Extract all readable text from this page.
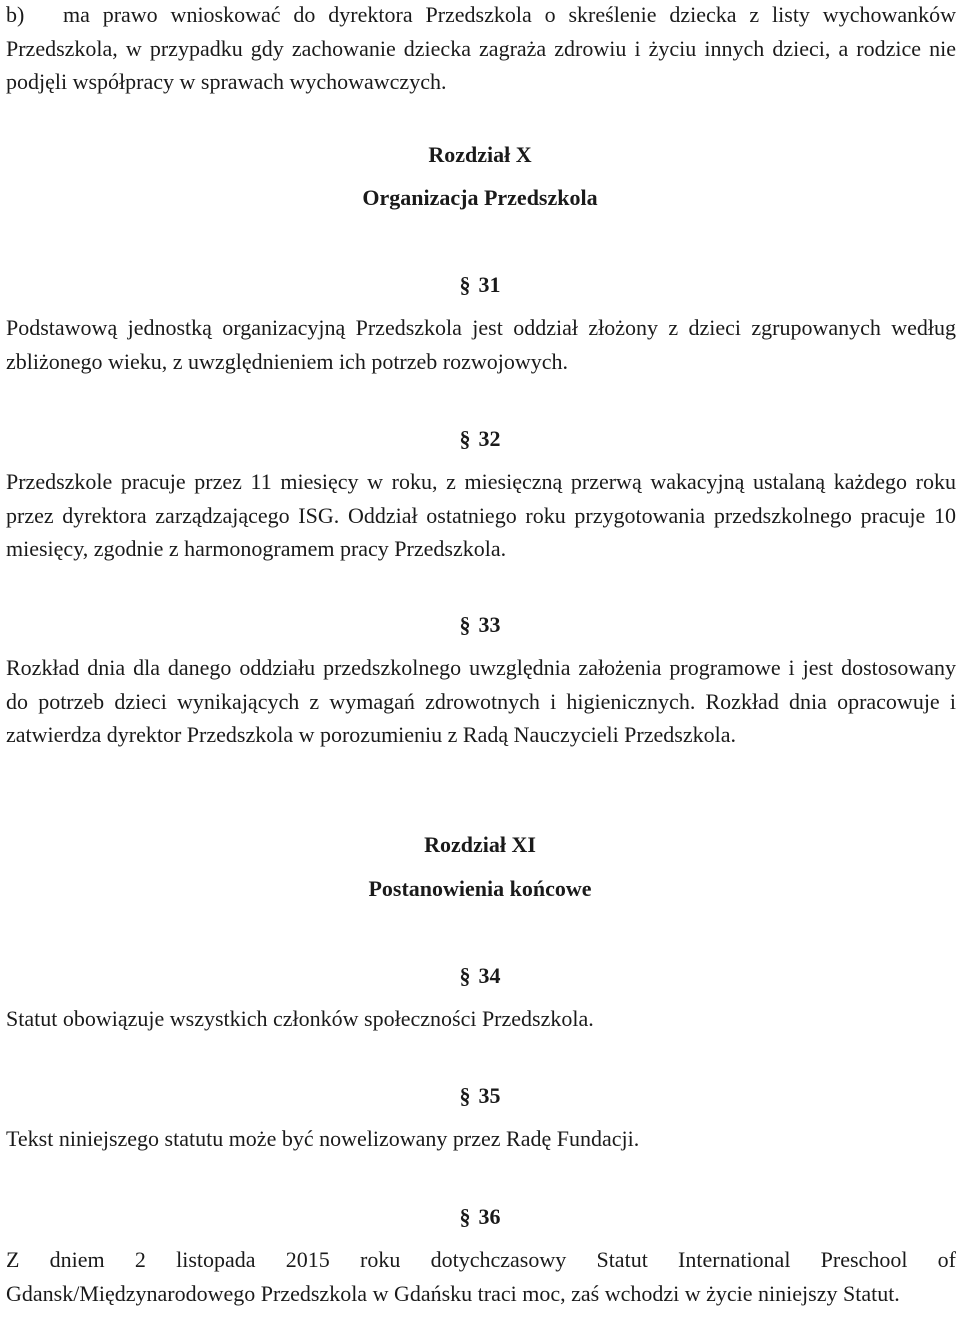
b) ma prawo wnioskować do dyrektora Przedszkola o skreślenie dziecka z listy wychowanków Przedszkola, w przypadku gdy zachowanie dziecka zagraża zdrowiu i życiu innych dzieci, a rodzice nie podjęli współpracy w sprawach wychowawczych.

Rozdział X

Organizacja Przedszkola

§ 31

Podstawową jednostką organizacyjną Przedszkola jest oddział złożony z dzieci zgrupowanych według zbliżonego wieku, z uwzględnieniem ich potrzeb rozwojowych.

§ 32

Przedszkole pracuje przez 11 miesięcy w roku, z miesięczną przerwą wakacyjną ustalaną każdego roku przez dyrektora zarządzającego ISG. Oddział ostatniego roku przygotowania przedszkolnego pracuje 10 miesięcy, zgodnie z harmonogramem pracy Przedszkola.

§ 33

Rozkład dnia dla danego oddziału przedszkolnego uwzględnia założenia programowe i jest dostosowany do potrzeb dzieci wynikających z wymagań zdrowotnych i higienicznych. Rozkład dnia opracowuje i zatwierdza dyrektor Przedszkola w porozumieniu z Radą Nauczycieli Przedszkola.

Rozdział XI

Postanowienia końcowe

§ 34

Statut obowiązuje wszystkich członków społeczności Przedszkola.

§ 35

Tekst niniejszego statutu może być nowelizowany przez Radę Fundacji.

§ 36

Z dniem 2 listopada 2015 roku dotychczasowy Statut International Preschool of Gdansk/Międzynarodowego Przedszkola w Gdańsku traci moc, zaś wchodzi w życie niniejszy Statut.
